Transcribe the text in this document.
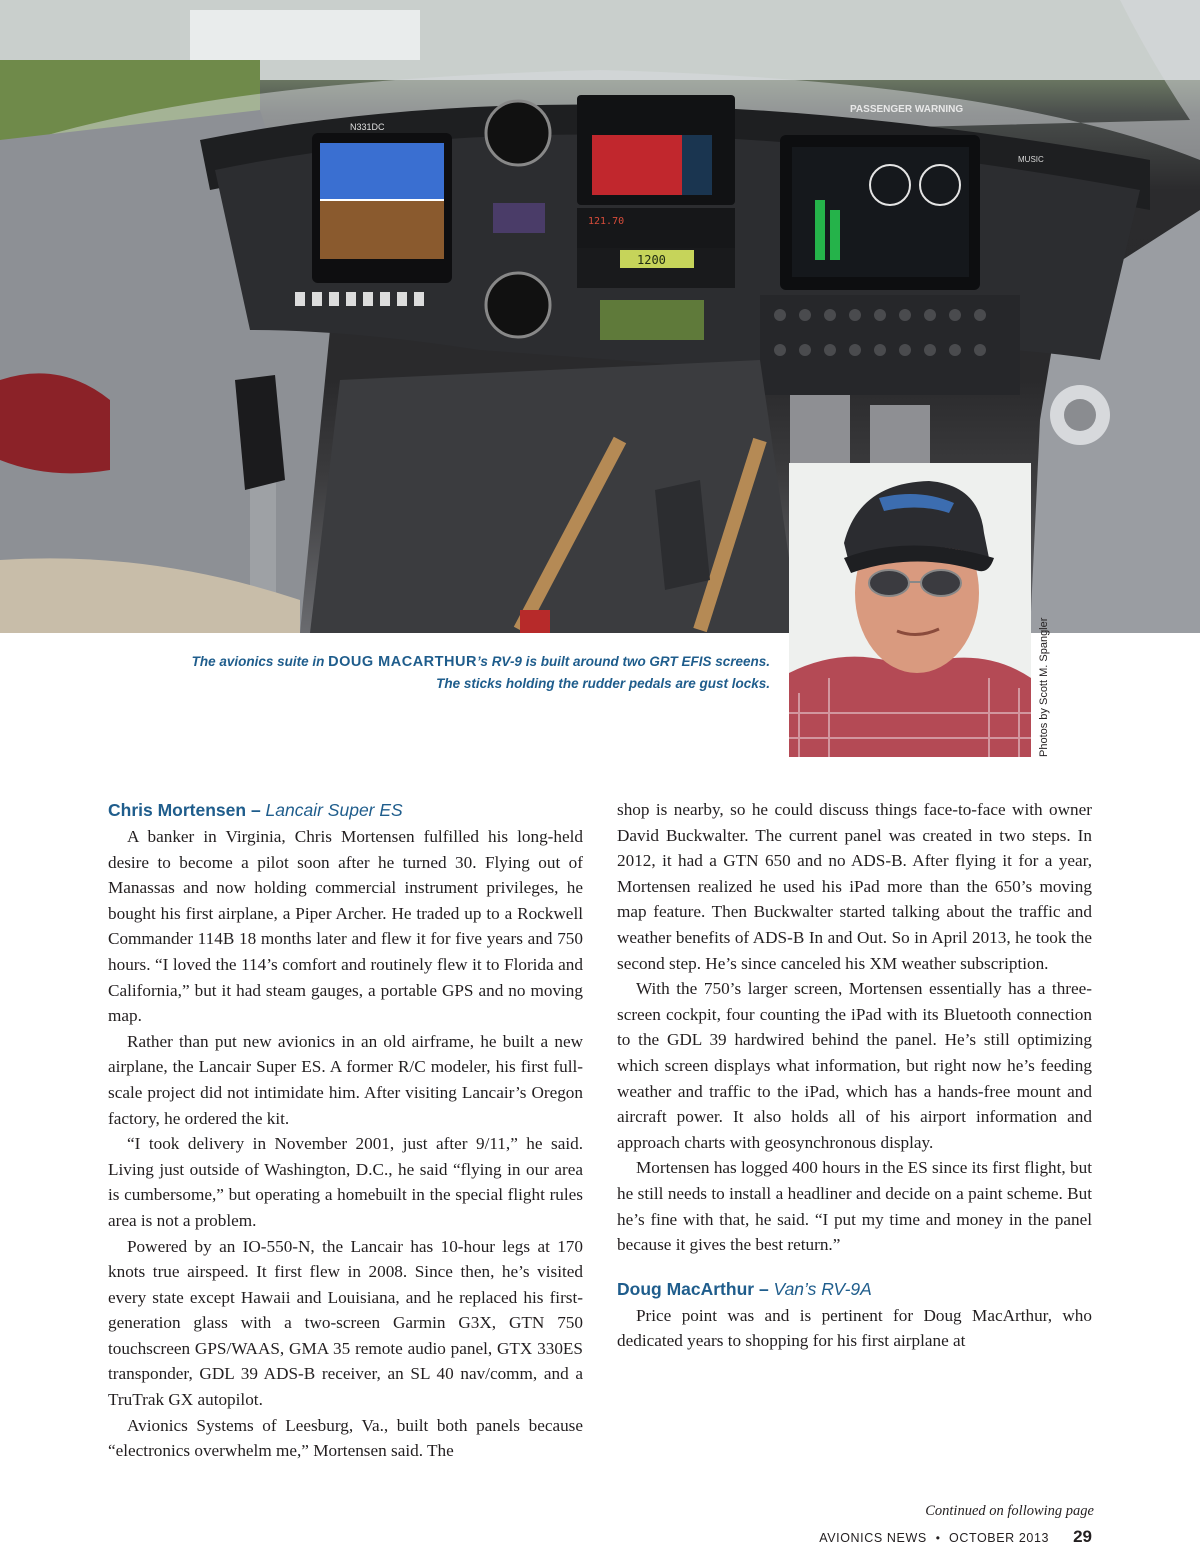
N331DC
PASSENGER WARNING
1200
121.70
MUSIC
Photos by Scott M. Spangler
The avionics suite in DOUG MACARTHUR’s RV-9 is built around two GRT EFIS screens.
The sticks holding the rudder pedals are gust locks.
Chris Mortensen – Lancair Super ES

A banker in Virginia, Chris Mortensen fulfilled his long-held desire to become a pilot soon after he turned 30. Flying out of Manassas and now holding commercial instrument privileges, he bought his first airplane, a Piper Archer. He traded up to a Rockwell Commander 114B 18 months later and flew it for five years and 750 hours. “I loved the 114’s comfort and routinely flew it to Florida and California,” but it had steam gauges, a portable GPS and no moving map.

Rather than put new avionics in an old airframe, he built a new airplane, the Lancair Super ES. A former R/C modeler, his first full-scale project did not intimidate him. After visiting Lancair’s Oregon factory, he ordered the kit.

“I took delivery in November 2001, just after 9/11,” he said. Living just outside of Washington, D.C., he said “flying in our area is cumbersome,” but operating a homebuilt in the special flight rules area is not a problem.

Powered by an IO-550-N, the Lancair has 10-hour legs at 170 knots true airspeed. It first flew in 2008. Since then, he’s visited every state except Hawaii and Louisiana, and he replaced his first-generation glass with a two-screen Garmin G3X, GTN 750 touchscreen GPS/WAAS, GMA 35 remote audio panel, GTX 330ES transponder, GDL 39 ADS-B receiver, an SL 40 nav/comm, and a TruTrak GX autopilot.

Avionics Systems of Leesburg, Va., built both panels because “electronics overwhelm me,” Mortensen said. The

shop is nearby, so he could discuss things face-to-face with owner David Buckwalter. The current panel was created in two steps. In 2012, it had a GTN 650 and no ADS-B. After flying it for a year, Mortensen realized he used his iPad more than the 650’s moving map feature. Then Buckwalter started talking about the traffic and weather benefits of ADS-B In and Out. So in April 2013, he took the second step. He’s since canceled his XM weather subscription.

With the 750’s larger screen, Mortensen essentially has a three-screen cockpit, four counting the iPad with its Bluetooth connection to the GDL 39 hardwired behind the panel. He’s still optimizing which screen displays what information, but right now he’s feeding weather and traffic to the iPad, which has a hands-free mount and aircraft power. It also holds all of his airport information and approach charts with geosynchronous display.

Mortensen has logged 400 hours in the ES since its first flight, but he still needs to install a headliner and decide on a paint scheme. But he’s fine with that, he said. “I put my time and money in the panel because it gives the best return.”

Doug MacArthur – Van’s RV-9A

Price point was and is pertinent for Doug MacArthur, who dedicated years to shopping for his first airplane at

Continued on following page
AVIONICS NEWS • OCTOBER 2013 29
